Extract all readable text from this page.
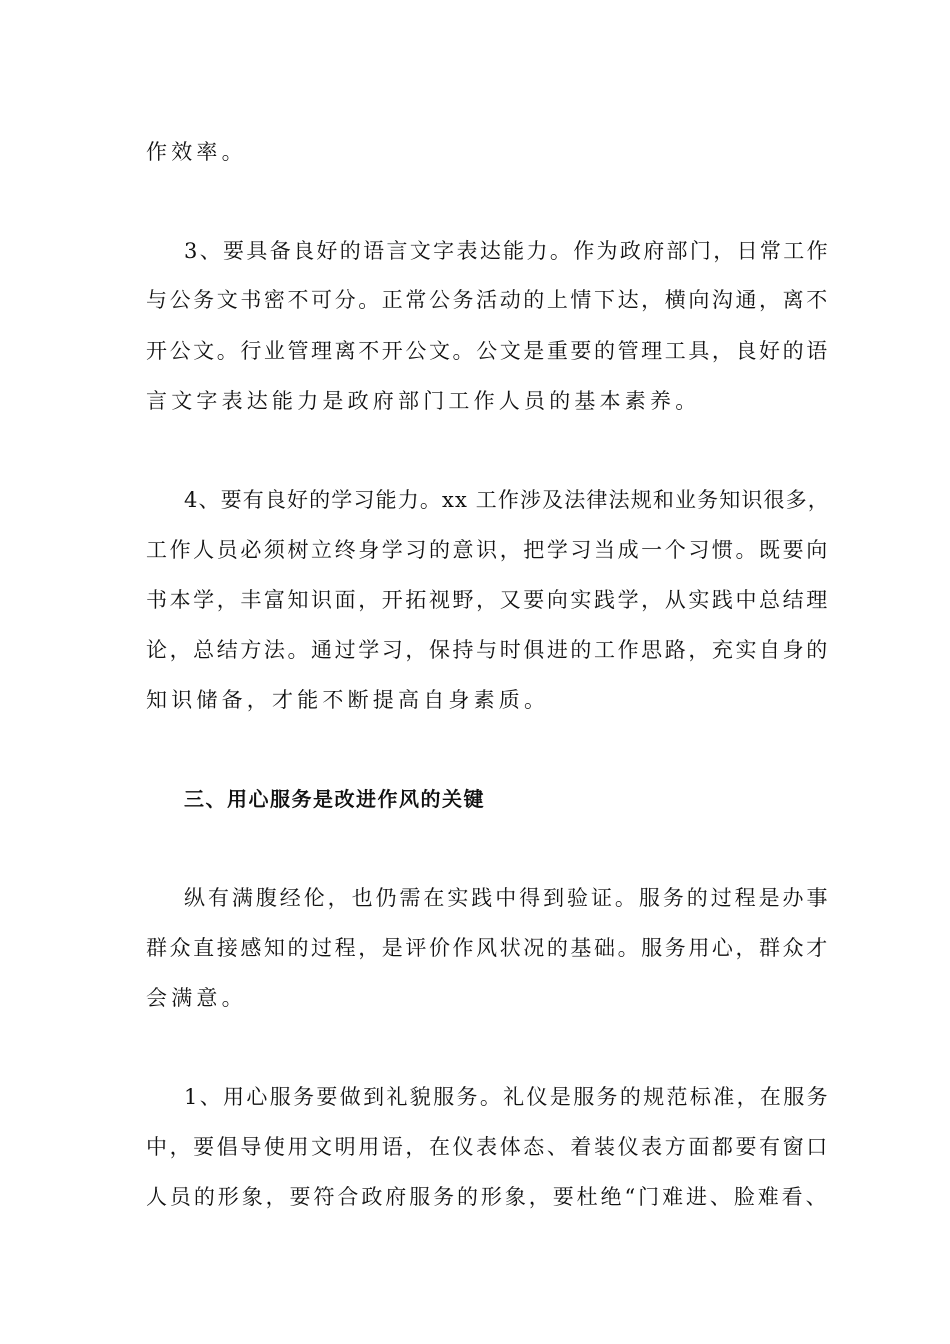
作效率。
3、要具备良好的语言文字表达能力。作为政府部门，日常工作
与公务文书密不可分。正常公务活动的上情下达，横向沟通，离不
开公文。行业管理离不开公文。公文是重要的管理工具，良好的语
言文字表达能力是政府部门工作人员的基本素养。
4、要有良好的学习能力。xx 工作涉及法律法规和业务知识很多，
工作人员必须树立终身学习的意识，把学习当成一个习惯。既要向
书本学，丰富知识面，开拓视野，又要向实践学，从实践中总结理
论，总结方法。通过学习，保持与时俱进的工作思路，充实自身的
知识储备，才能不断提高自身素质。
三、用心服务是改进作风的关键
纵有满腹经伦，也仍需在实践中得到验证。服务的过程是办事
群众直接感知的过程，是评价作风状况的基础。服务用心，群众才
会满意。
1、用心服务要做到礼貌服务。礼仪是服务的规范标准，在服务
中，要倡导使用文明用语，在仪表体态、着装仪表方面都要有窗口
人员的形象，要符合政府服务的形象，要杜绝“门难进、脸难看、
